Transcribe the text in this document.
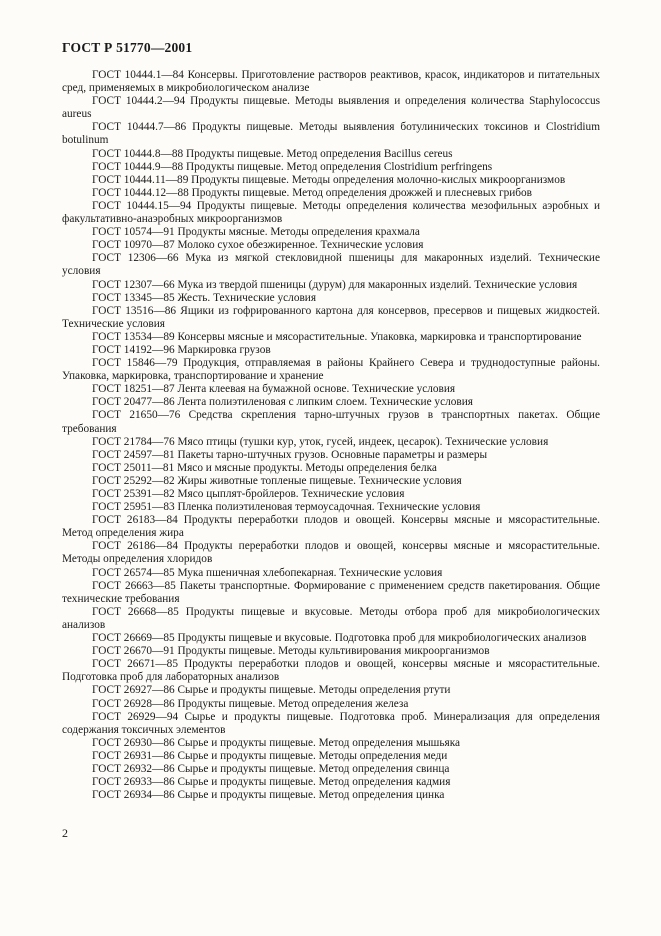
ГОСТ Р 51770—2001

ГОСТ 10444.1—84 Консервы. Приготовление растворов реактивов, красок, индикаторов и питательных сред, применяемых в микробиологическом анализе

ГОСТ 10444.2—94 Продукты пищевые. Методы выявления и определения количества Staphylococcus aureus

ГОСТ 10444.7—86 Продукты пищевые. Методы выявления ботулинических токсинов и Clostridium botulinum

ГОСТ 10444.8—88 Продукты пищевые. Метод определения Bacillus cereus

ГОСТ 10444.9—88 Продукты пищевые. Метод определения Clostridium perfringens

ГОСТ 10444.11—89 Продукты пищевые. Методы определения молочно-кислых микроорганизмов

ГОСТ 10444.12—88 Продукты пищевые. Метод определения дрожжей и плесневых грибов

ГОСТ 10444.15—94 Продукты пищевые. Методы определения количества мезофильных аэробных и факультативно-анаэробных микроорганизмов

ГОСТ 10574—91 Продукты мясные. Методы определения крахмала

ГОСТ 10970—87 Молоко сухое обезжиренное. Технические условия

ГОСТ 12306—66 Мука из мягкой стекловидной пшеницы для макаронных изделий. Технические условия

ГОСТ 12307—66 Мука из твердой пшеницы (дурум) для макаронных изделий. Технические условия

ГОСТ 13345—85 Жесть. Технические условия

ГОСТ 13516—86 Ящики из гофрированного картона для консервов, пресервов и пищевых жидкостей. Технические условия

ГОСТ 13534—89 Консервы мясные и мясорастительные. Упаковка, маркировка и транспортирование

ГОСТ 14192—96 Маркировка грузов

ГОСТ 15846—79 Продукция, отправляемая в районы Крайнего Севера и труднодоступные районы. Упаковка, маркировка, транспортирование и хранение

ГОСТ 18251—87 Лента клеевая на бумажной основе. Технические условия

ГОСТ 20477—86 Лента полиэтиленовая с липким слоем. Технические условия

ГОСТ 21650—76 Средства скрепления тарно-штучных грузов в транспортных пакетах. Общие требования

ГОСТ 21784—76 Мясо птицы (тушки кур, уток, гусей, индеек, цесарок). Технические условия

ГОСТ 24597—81 Пакеты тарно-штучных грузов. Основные параметры и размеры

ГОСТ 25011—81 Мясо и мясные продукты. Методы определения белка

ГОСТ 25292—82 Жиры животные топленые пищевые. Технические условия

ГОСТ 25391—82 Мясо цыплят-бройлеров. Технические условия

ГОСТ 25951—83 Пленка полиэтиленовая термоусадочная. Технические условия

ГОСТ 26183—84 Продукты переработки плодов и овощей. Консервы мясные и мясорастительные. Метод определения жира

ГОСТ 26186—84 Продукты переработки плодов и овощей, консервы мясные и мясорастительные. Методы определения хлоридов

ГОСТ 26574—85 Мука пшеничная хлебопекарная. Технические условия

ГОСТ 26663—85 Пакеты транспортные. Формирование с применением средств пакетирования. Общие технические требования

ГОСТ 26668—85 Продукты пищевые и вкусовые. Методы отбора проб для микробиологических анализов

ГОСТ 26669—85 Продукты пищевые и вкусовые. Подготовка проб для микробиологических анализов

ГОСТ 26670—91 Продукты пищевые. Методы культивирования микроорганизмов

ГОСТ 26671—85 Продукты переработки плодов и овощей, консервы мясные и мясорастительные. Подготовка проб для лабораторных анализов

ГОСТ 26927—86 Сырье и продукты пищевые. Методы определения ртути

ГОСТ 26928—86 Продукты пищевые. Метод определения железа

ГОСТ 26929—94 Сырье и продукты пищевые. Подготовка проб. Минерализация для определения содержания токсичных элементов

ГОСТ 26930—86 Сырье и продукты пищевые. Метод определения мышьяка

ГОСТ 26931—86 Сырье и продукты пищевые. Методы определения меди

ГОСТ 26932—86 Сырье и продукты пищевые. Метод определения свинца

ГОСТ 26933—86 Сырье и продукты пищевые. Метод определения кадмия

ГОСТ 26934—86 Сырье и продукты пищевые. Метод определения цинка

2
